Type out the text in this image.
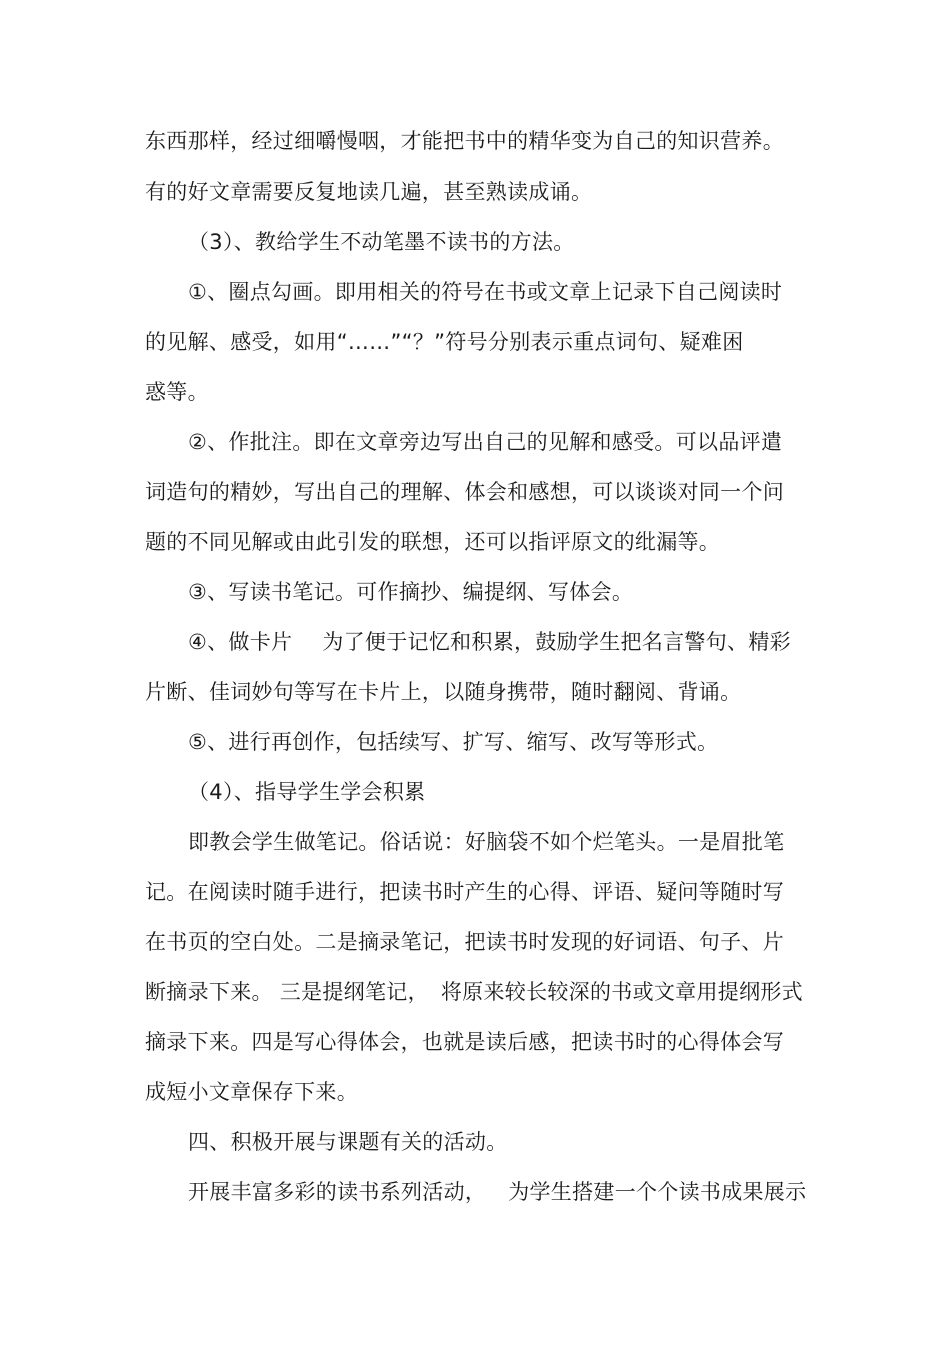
东西那样，经过细嚼慢咽，才能把书中的精华变为自己的知识营养。
有的好文章需要反复地读几遍，甚至熟读成诵。
（3）、教给学生不动笔墨不读书的方法。
①、圈点勾画。即用相关的符号在书或文章上记录下自己阅读时
的见解、感受，如用“……”“？”符号分别表示重点词句、疑难困
惑等。
②、作批注。即在文章旁边写出自己的见解和感受。可以品评遣
词造句的精妙，写出自己的理解、体会和感想，可以谈谈对同一个问
题的不同见解或由此引发的联想，还可以指评原文的纰漏等。
③、写读书笔记。可作摘抄、编提纲、写体会。
④、做卡片 为了便于记忆和积累，鼓励学生把名言警句、精彩
片断、佳词妙句等写在卡片上，以随身携带，随时翻阅、背诵。
⑤、进行再创作，包括续写、扩写、缩写、改写等形式。
（4）、指导学生学会积累
即教会学生做笔记。俗话说：好脑袋不如个烂笔头。一是眉批笔
记。在阅读时随手进行，把读书时产生的心得、评语、疑问等随时写
在书页的空白处。二是摘录笔记，把读书时发现的好词语、句子、片
断摘录下来。 三是提纲笔记， 将原来较长较深的书或文章用提纲形式
摘录下来。四是写心得体会，也就是读后感，把读书时的心得体会写
成短小文章保存下来。
四、积极开展与课题有关的活动。
开展丰富多彩的读书系列活动， 为学生搭建一个个读书成果展示
